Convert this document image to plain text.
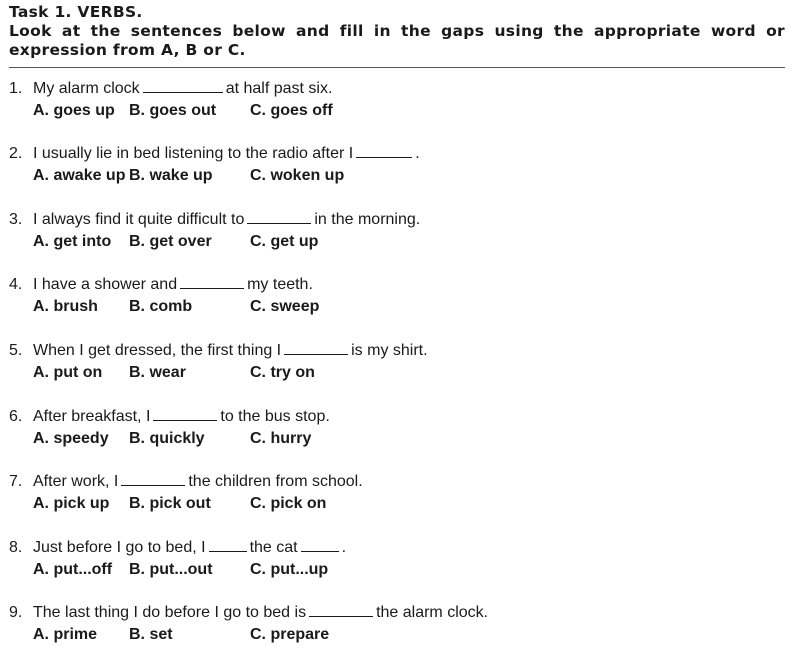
Task 1. VERBS.
Look at the sentences below and fill in the gaps using the appropriate word or expression from A, B or C.
1. My alarm clock	at half past six.
A. goes up B. goes out C. goes off
2. I usually lie in bed listening to the radio after I	.
A. awake up B. wake up C. woken up
3. I always find it quite difficult to	in the morning.
A. get into B. get over C. get up
4. I have a shower and	my teeth.
A. brush B. comb	C. sweep
5. When I get dressed, the first thing I	is my shirt.
A. put on B. wear	C. try on
6. After breakfast, I	to the bus stop.
A. speedy B. quickly	C. hurry
7. After work, I	the children from school.
A. pick up B. pick out C. pick on
8. Just before I go to bed, I	the cat	.
A. put...off B. put...out C. put...up
9. The last thing I do before I go to bed is	the alarm clock.
A. prime B. set	C. prepare
